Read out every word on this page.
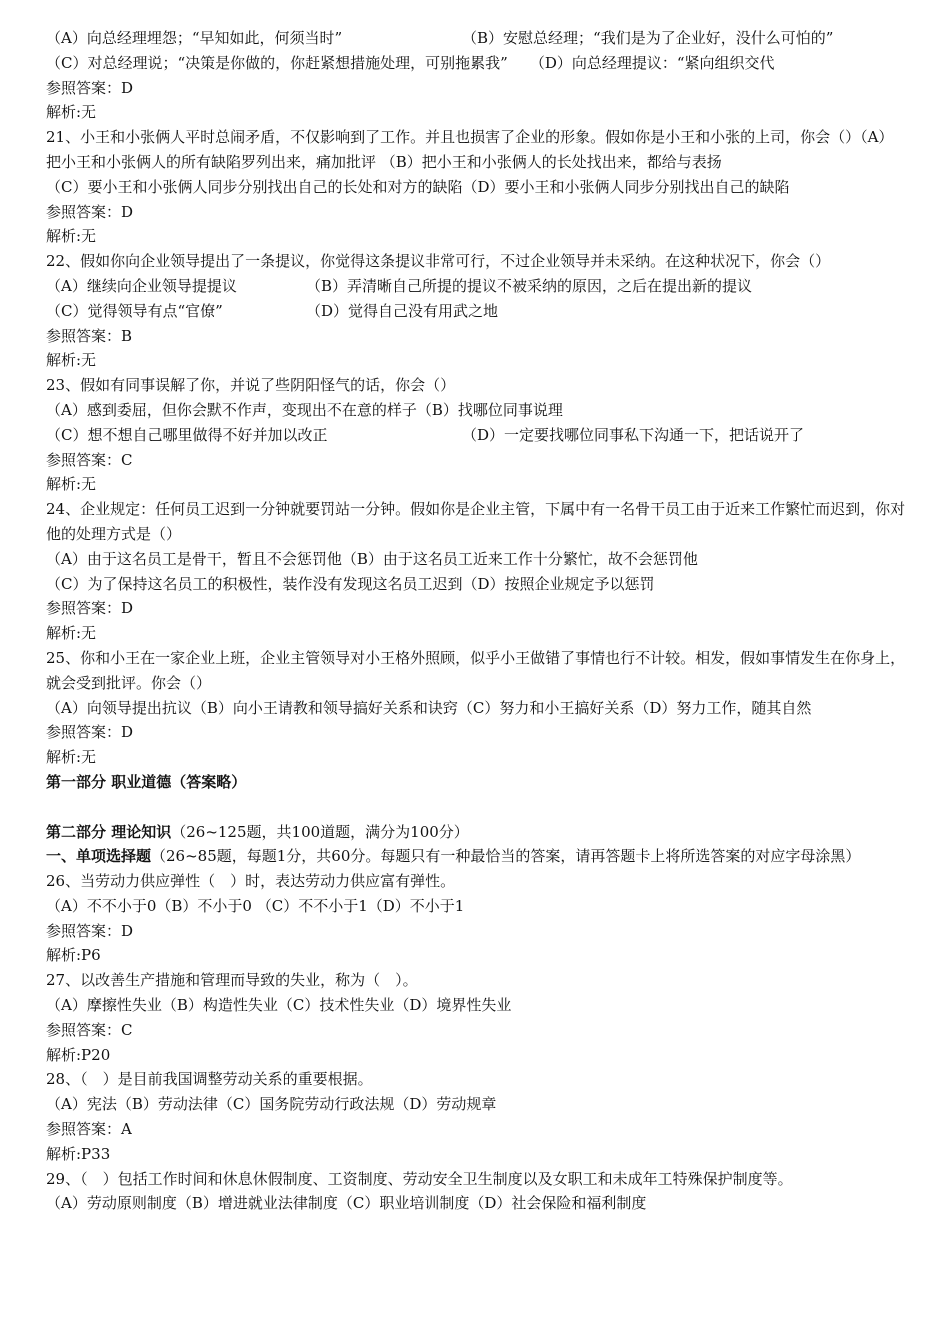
（A）向总经理埋怨；“早知如此，何须当时”	（B）安慰总经理；“我们是为了企业好，没什么可怕的”
（C）对总经理说；“决策是你做的，你赶紧想措施处理，可别拖累我” （D）向总经理提议：“紧向组织交代
参照答案：D
解析:无
21、小王和小张俩人平时总闹矛盾，不仅影响到了工作。并且也损害了企业的形象。假如你是小王和小张的上司，你会（）（A）把小王和小张俩人的所有缺陷罗列出来，痛加批评 （B）把小王和小张俩人的长处找出来，都给与表扬
（C）要小王和小张俩人同步分别找出自己的长处和对方的缺陷（D）要小王和小张俩人同步分别找出自己的缺陷
参照答案：D
解析:无
22、假如你向企业领导提出了一条提议，你觉得这条提议非常可行，不过企业领导并未采纳。在这种状况下，你会（）
（A）继续向企业领导提提议	（B）弄清晰自己所提的提议不被采纳的原因，之后在提出新的提议
（C）觉得领导有点“官僚”	（D）觉得自己没有用武之地
参照答案：B
解析:无
23、假如有同事误解了你，并说了些阴阳怪气的话，你会（）
（A）感到委屈，但你会默不作声，变现出不在意的样子（B）找哪位同事说理
（C）想不想自己哪里做得不好并加以改正	（D）一定要找哪位同事私下沟通一下，把话说开了
参照答案：C
解析:无
24、企业规定：任何员工迟到一分钟就要罚站一分钟。假如你是企业主管，下属中有一名骨干员工由于近来工作繁忙而迟到，你对他的处理方式是（）
（A）由于这名员工是骨干，暂且不会惩罚他（B）由于这名员工近来工作十分繁忙，故不会惩罚他
（C）为了保持这名员工的积极性，装作没有发现这名员工迟到（D）按照企业规定予以惩罚
参照答案：D
解析:无
25、你和小王在一家企业上班，企业主管领导对小王格外照顾，似乎小王做错了事情也行不计较。相发，假如事情发生在你身上，就会受到批评。你会（）
（A）向领导提出抗议（B）向小王请教和领导搞好关系和诀窍（C）努力和小王搞好关系（D）努力工作，随其自然
参照答案：D
解析:无
第一部分 职业道德（答案略）
第二部分 理论知识（26~125题，共100道题，满分为100分）
一、单项选择题（26~85题，每题1分，共60分。每题只有一种最恰当的答案，请再答题卡上将所选答案的对应字母涂黑）
26、当劳动力供应弹性（　）时，表达劳动力供应富有弹性。
（A）不不小于0（B）不小于0 （C）不不小于1（D）不小于1
参照答案：D
解析:P6
27、以改善生产措施和管理而导致的失业，称为（　）。
（A）摩擦性失业（B）构造性失业（C）技术性失业（D）境界性失业
参照答案：C
解析:P20
28、（　）是目前我国调整劳动关系的重要根据。
（A）宪法（B）劳动法律（C）国务院劳动行政法规（D）劳动规章
参照答案：A
解析:P33
29、（　）包括工作时间和休息休假制度、工资制度、劳动安全卫生制度以及女职工和未成年工特殊保护制度等。
（A）劳动原则制度（B）增进就业法律制度（C）职业培训制度（D）社会保险和福利制度
